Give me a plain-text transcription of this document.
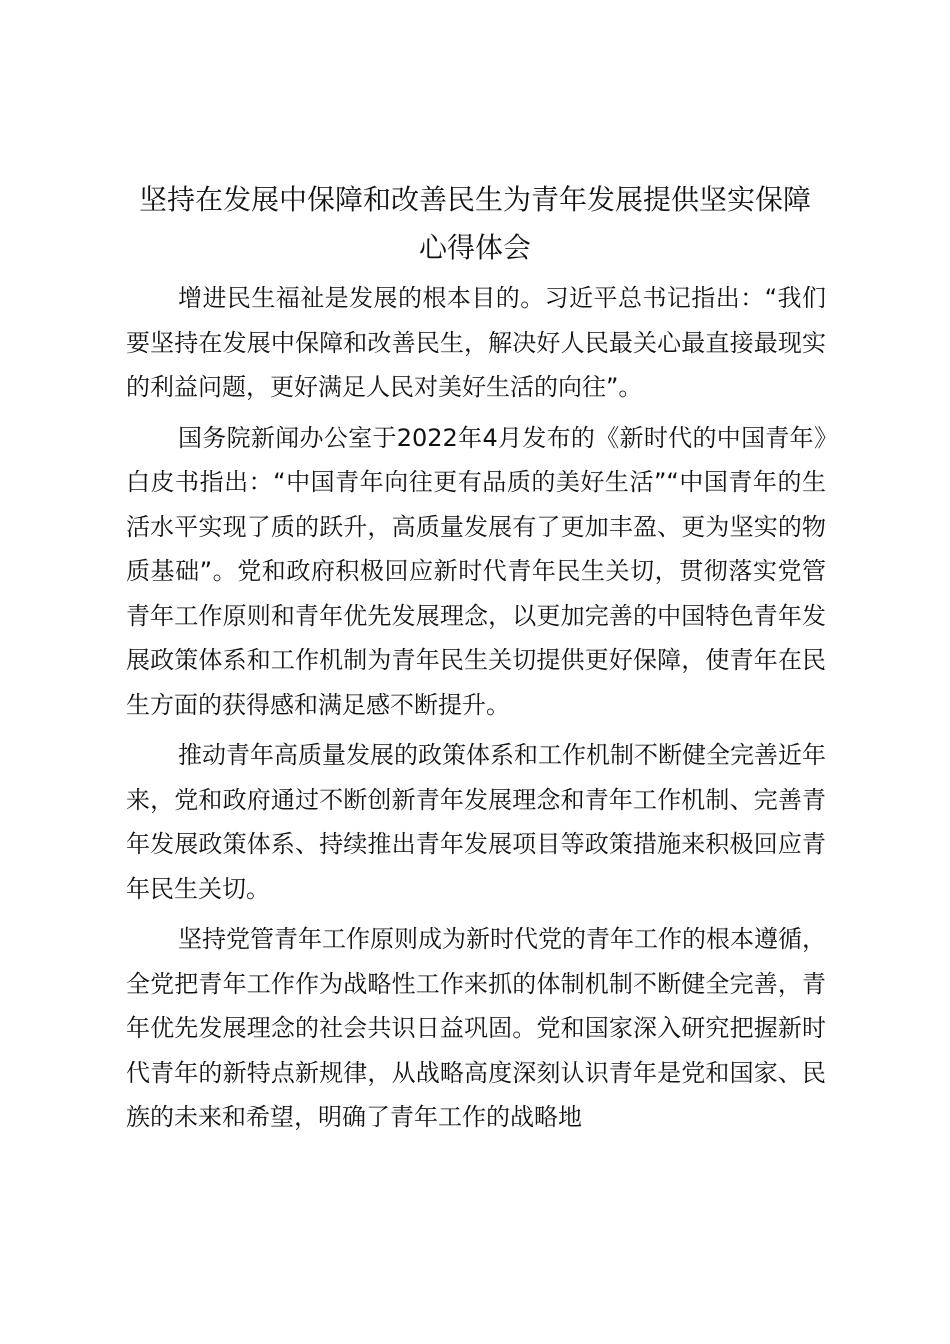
坚持在发展中保障和改善民生为青年发展提供坚实保障
心得体会

增进民生福祉是发展的根本目的。习近平总书记指出：“我们要坚持在发展中保障和改善民生，解决好人民最关心最直接最现实的利益问题，更好满足人民对美好生活的向往”。

国务院新闻办公室于2022年4月发布的《新时代的中国青年》白皮书指出：“中国青年向往更有品质的美好生活”“中国青年的生活水平实现了质的跃升，高质量发展有了更加丰盈、更为坚实的物质基础”。党和政府积极回应新时代青年民生关切，贯彻落实党管青年工作原则和青年优先发展理念，以更加完善的中国特色青年发展政策体系和工作机制为青年民生关切提供更好保障，使青年在民生方面的获得感和满足感不断提升。

推动青年高质量发展的政策体系和工作机制不断健全完善近年来，党和政府通过不断创新青年发展理念和青年工作机制、完善青年发展政策体系、持续推出青年发展项目等政策措施来积极回应青年民生关切。

坚持党管青年工作原则成为新时代党的青年工作的根本遵循，全党把青年工作作为战略性工作来抓的体制机制不断健全完善，青年优先发展理念的社会共识日益巩固。党和国家深入研究把握新时代青年的新特点新规律，从战略高度深刻认识青年是党和国家、民族的未来和希望，明确了青年工作的战略地
